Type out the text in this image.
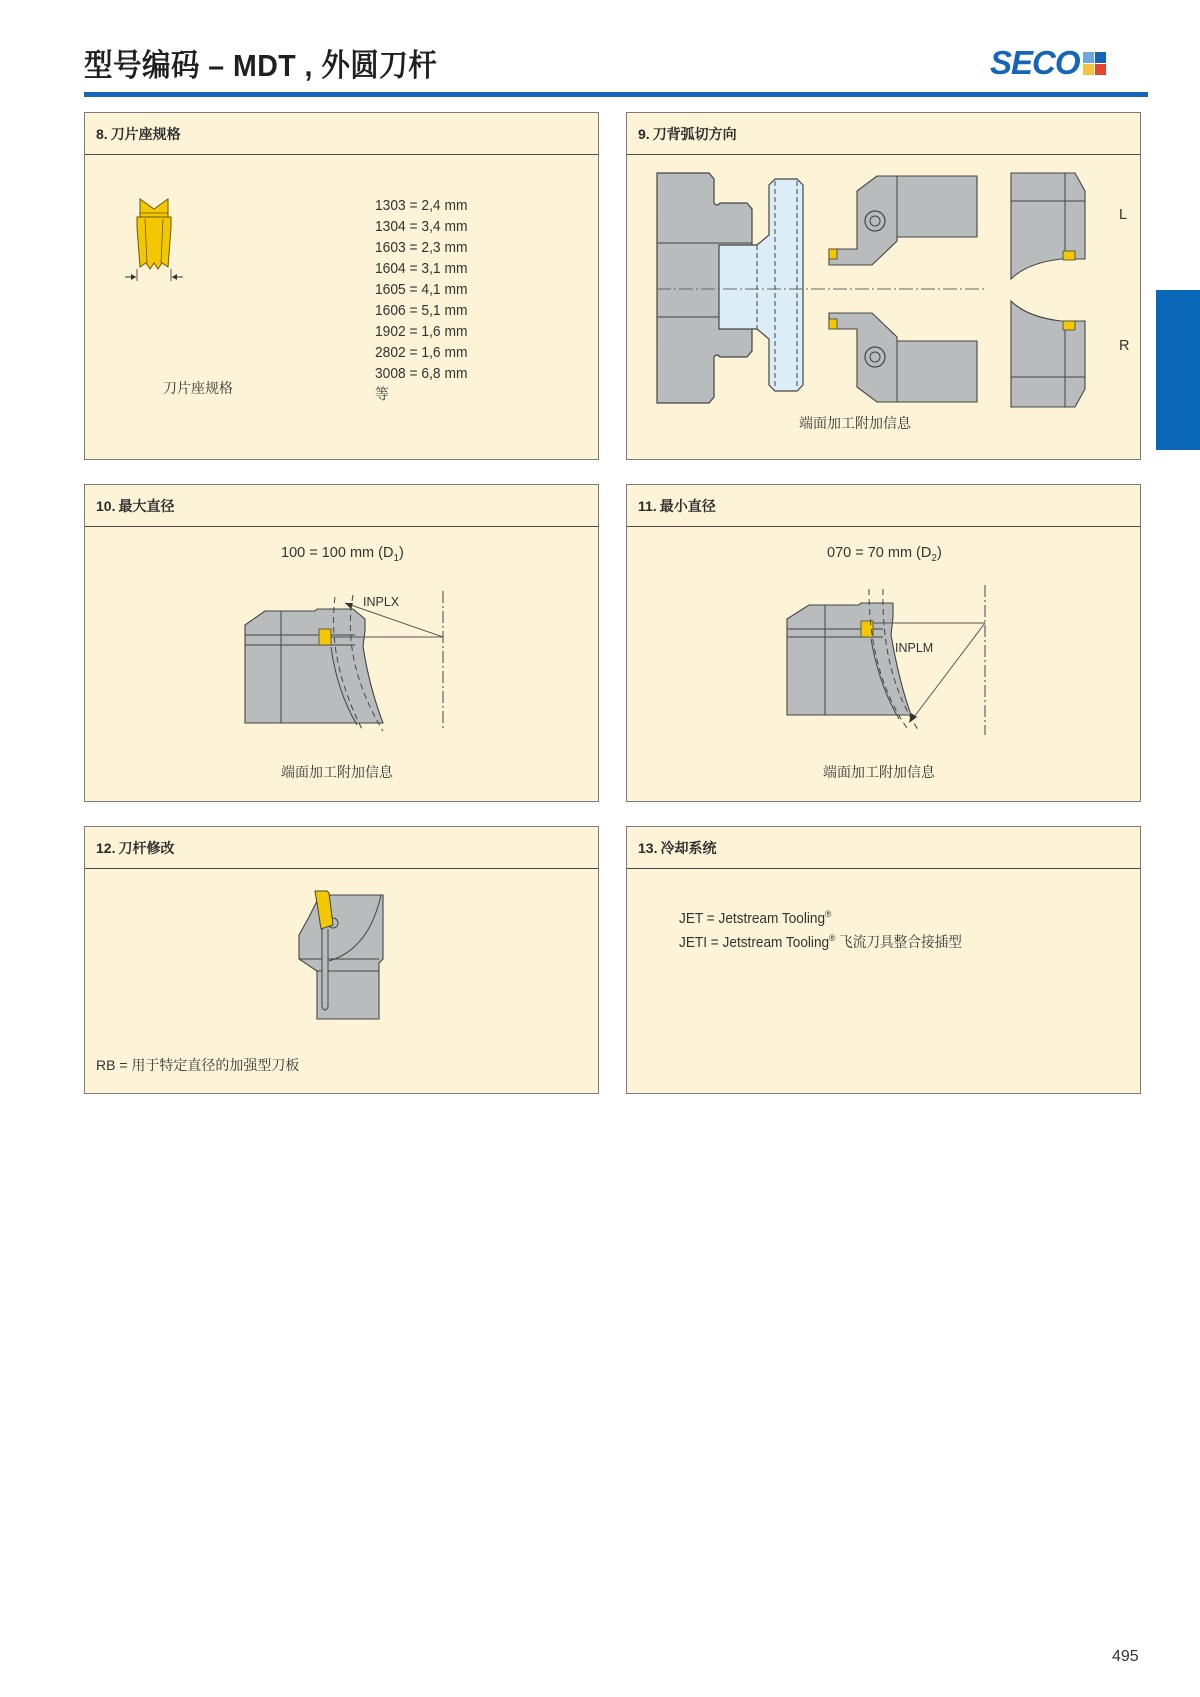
型号编码 – MDT , 外圆刀杆	SECO
8. 刀片座规格
刀片座规格
1303 = 2,4 mm
1304 = 3,4 mm
1603 = 2,3 mm
1604 = 3,1 mm
1605 = 4,1 mm
1606 = 5,1 mm
1902 = 1,6 mm
2802 = 1,6 mm
3008 = 6,8 mm
等
9. 刀背弧切方向
L
R
端面加工附加信息
10. 最大直径
100 = 100 mm $(D_1)$
INPLX
端面加工附加信息
11. 最小直径
070 = 70 mm $(D_2)$
INPLM
端面加工附加信息
12. 刀杆修改
RB = 用于特定直径的加强型刀板
13. 冷却系统
JET = Jetstream Tooling®
JETI = Jetstream Tooling® 飞流刀具整合接插型
495
